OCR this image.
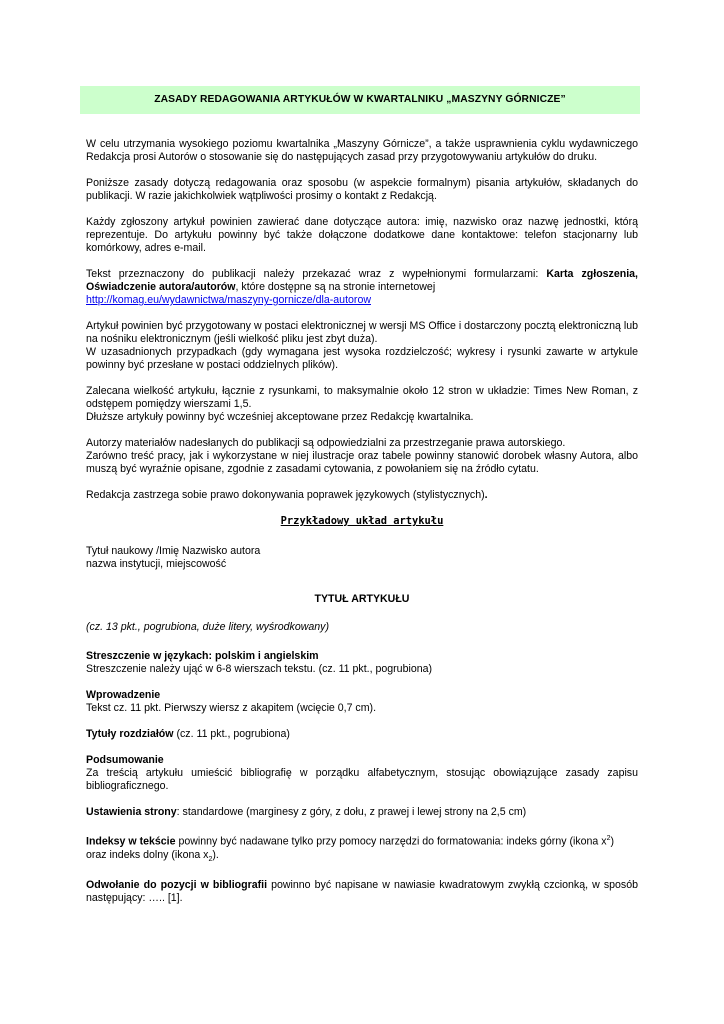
ZASADY REDAGOWANIA ARTYKUŁÓW W KWARTALNIKU „MASZYNY GÓRNICZE”

W celu utrzymania wysokiego poziomu kwartalnika „Maszyny Górnicze”, a także usprawnienia cyklu wydawniczego Redakcja prosi Autorów o stosowanie się do następujących zasad przy przygotowywaniu artykułów do druku.

Poniższe zasady dotyczą redagowania oraz sposobu (w aspekcie formalnym) pisania artykułów, składanych do publikacji. W razie jakichkolwiek wątpliwości prosimy o kontakt z Redakcją.

Każdy zgłoszony artykuł powinien zawierać dane dotyczące autora: imię, nazwisko oraz nazwę jednostki, którą reprezentuje. Do artykułu powinny być także dołączone dodatkowe dane kontaktowe: telefon stacjonarny lub komórkowy, adres e-mail.

Tekst przeznaczony do publikacji należy przekazać wraz z wypełnionymi formularzami: Karta zgłoszenia, Oświadczenie autora/autorów, które dostępne są na stronie internetowej
http://komag.eu/wydawnictwa/maszyny-gornicze/dla-autorow

Artykuł powinien być przygotowany w postaci elektronicznej w wersji MS Office i dostarczony pocztą elektroniczną lub na nośniku elektronicznym (jeśli wielkość pliku jest zbyt duża).

W uzasadnionych przypadkach (gdy wymagana jest wysoka rozdzielczość; wykresy i rysunki zawarte w artykule powinny być przesłane w postaci oddzielnych plików).

Zalecana wielkość artykułu, łącznie z rysunkami, to maksymalnie około 12 stron w układzie: Times New Roman, z odstępem pomiędzy wierszami 1,5.

Dłuższe artykuły powinny być wcześniej akceptowane przez Redakcję kwartalnika.

Autorzy materiałów nadesłanych do publikacji są odpowiedzialni za przestrzeganie prawa autorskiego.

Zarówno treść pracy, jak i wykorzystane w niej ilustracje oraz tabele powinny stanowić dorobek własny Autora, albo muszą być wyraźnie opisane, zgodnie z zasadami cytowania, z powołaniem się na źródło cytatu.

Redakcja zastrzega sobie prawo dokonywania poprawek językowych (stylistycznych).

Przykładowy układ artykułu

Tytuł naukowy /Imię Nazwisko autora

nazwa instytucji, miejscowość

TYTUŁ ARTYKUŁU

(cz. 13 pkt., pogrubiona, duże litery, wyśrodkowany)

Streszczenie w językach: polskim i angielskim

Streszczenie należy ująć w 6-8 wierszach tekstu. (cz. 11 pkt., pogrubiona)

Wprowadzenie

Tekst cz. 11 pkt. Pierwszy wiersz z akapitem (wcięcie 0,7 cm).

Tytuły rozdziałów (cz. 11 pkt., pogrubiona)

Podsumowanie

Za treścią artykułu umieścić bibliografię w porządku alfabetycznym, stosując obowiązujące zasady zapisu bibliograficznego.

Ustawienia strony: standardowe (marginesy z góry, z dołu, z prawej i lewej strony na 2,5 cm)

Indeksy w tekście powinny być nadawane tylko przy pomocy narzędzi do formatowania: indeks górny (ikona $x^2$)
oraz indeks dolny (ikona $x_2$).

Odwołanie do pozycji w bibliografii powinno być napisane w nawiasie kwadratowym zwykłą czcionką, w sposób następujący: ….. [1].
